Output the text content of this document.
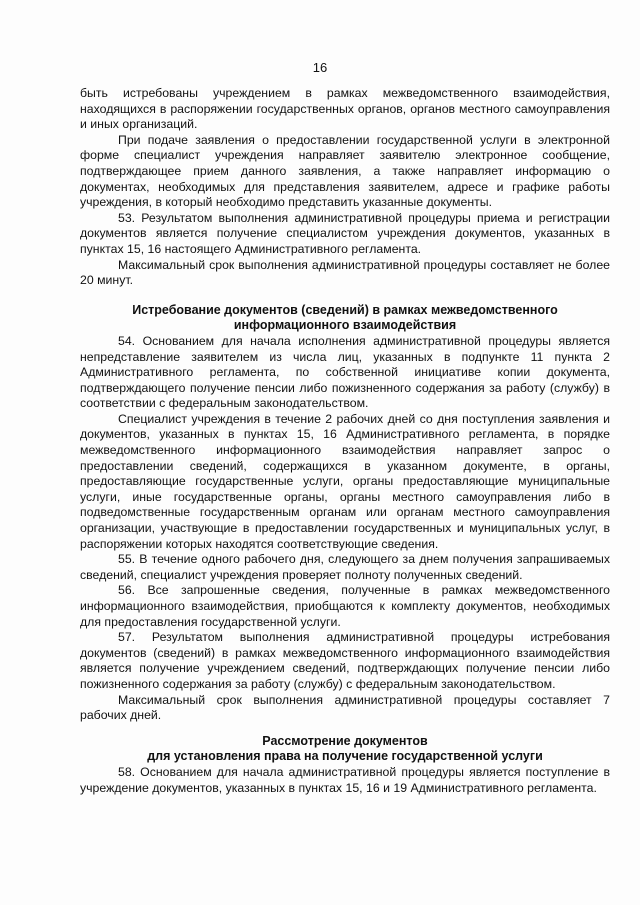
16

быть истребованы учреждением в рамках межведомственного взаимодействия, находящихся в распоряжении государственных органов, органов местного самоуправления и иных организаций.

При подаче заявления о предоставлении государственной услуги в электронной форме специалист учреждения направляет заявителю электронное сообщение, подтверждающее прием данного заявления, а также направляет информацию о документах, необходимых для представления заявителем, адресе и графике работы учреждения, в который необходимо представить указанные документы.

53. Результатом выполнения административной процедуры приема и регистрации документов является получение специалистом учреждения документов, указанных в пунктах 15, 16 настоящего Административного регламента.

Максимальный срок выполнения административной процедуры составляет не более 20 минут.

Истребование документов (сведений) в рамках межведомственного

информационного взаимодействия

54. Основанием для начала исполнения административной процедуры является непредставление заявителем из числа лиц, указанных в подпункте 11 пункта 2 Административного регламента, по собственной инициативе копии документа, подтверждающего получение пенсии либо пожизненного содержания за работу (службу) в соответствии с федеральным законодательством.

Специалист учреждения в течение 2 рабочих дней со дня поступления заявления и документов, указанных в пунктах 15, 16 Административного регламента, в порядке межведомственного информационного взаимодействия направляет запрос о предоставлении сведений, содержащихся в указанном документе, в органы, предоставляющие государственные услуги, органы предоставляющие муниципальные услуги, иные государственные органы, органы местного самоуправления либо в подведомственные государственным органам или органам местного самоуправления организации, участвующие в предоставлении государственных и муниципальных услуг, в распоряжении которых находятся соответствующие сведения.

55. В течение одного рабочего дня, следующего за днем получения запрашиваемых сведений, специалист учреждения проверяет полноту полученных сведений.

56. Все запрошенные сведения, полученные в рамках межведомственного информационного взаимодействия, приобщаются к комплекту документов, необходимых для предоставления государственной услуги.

57. Результатом выполнения административной процедуры истребования документов (сведений) в рамках межведомственного информационного взаимодействия является получение учреждением сведений, подтверждающих получение пенсии либо пожизненного содержания за работу (службу) с федеральным законодательством.

Максимальный срок выполнения административной процедуры составляет 7 рабочих дней.

Рассмотрение документов

для установления права на получение государственной услуги

58. Основанием для начала административной процедуры является поступление в учреждение документов, указанных в пунктах 15, 16 и 19 Административного регламента.
